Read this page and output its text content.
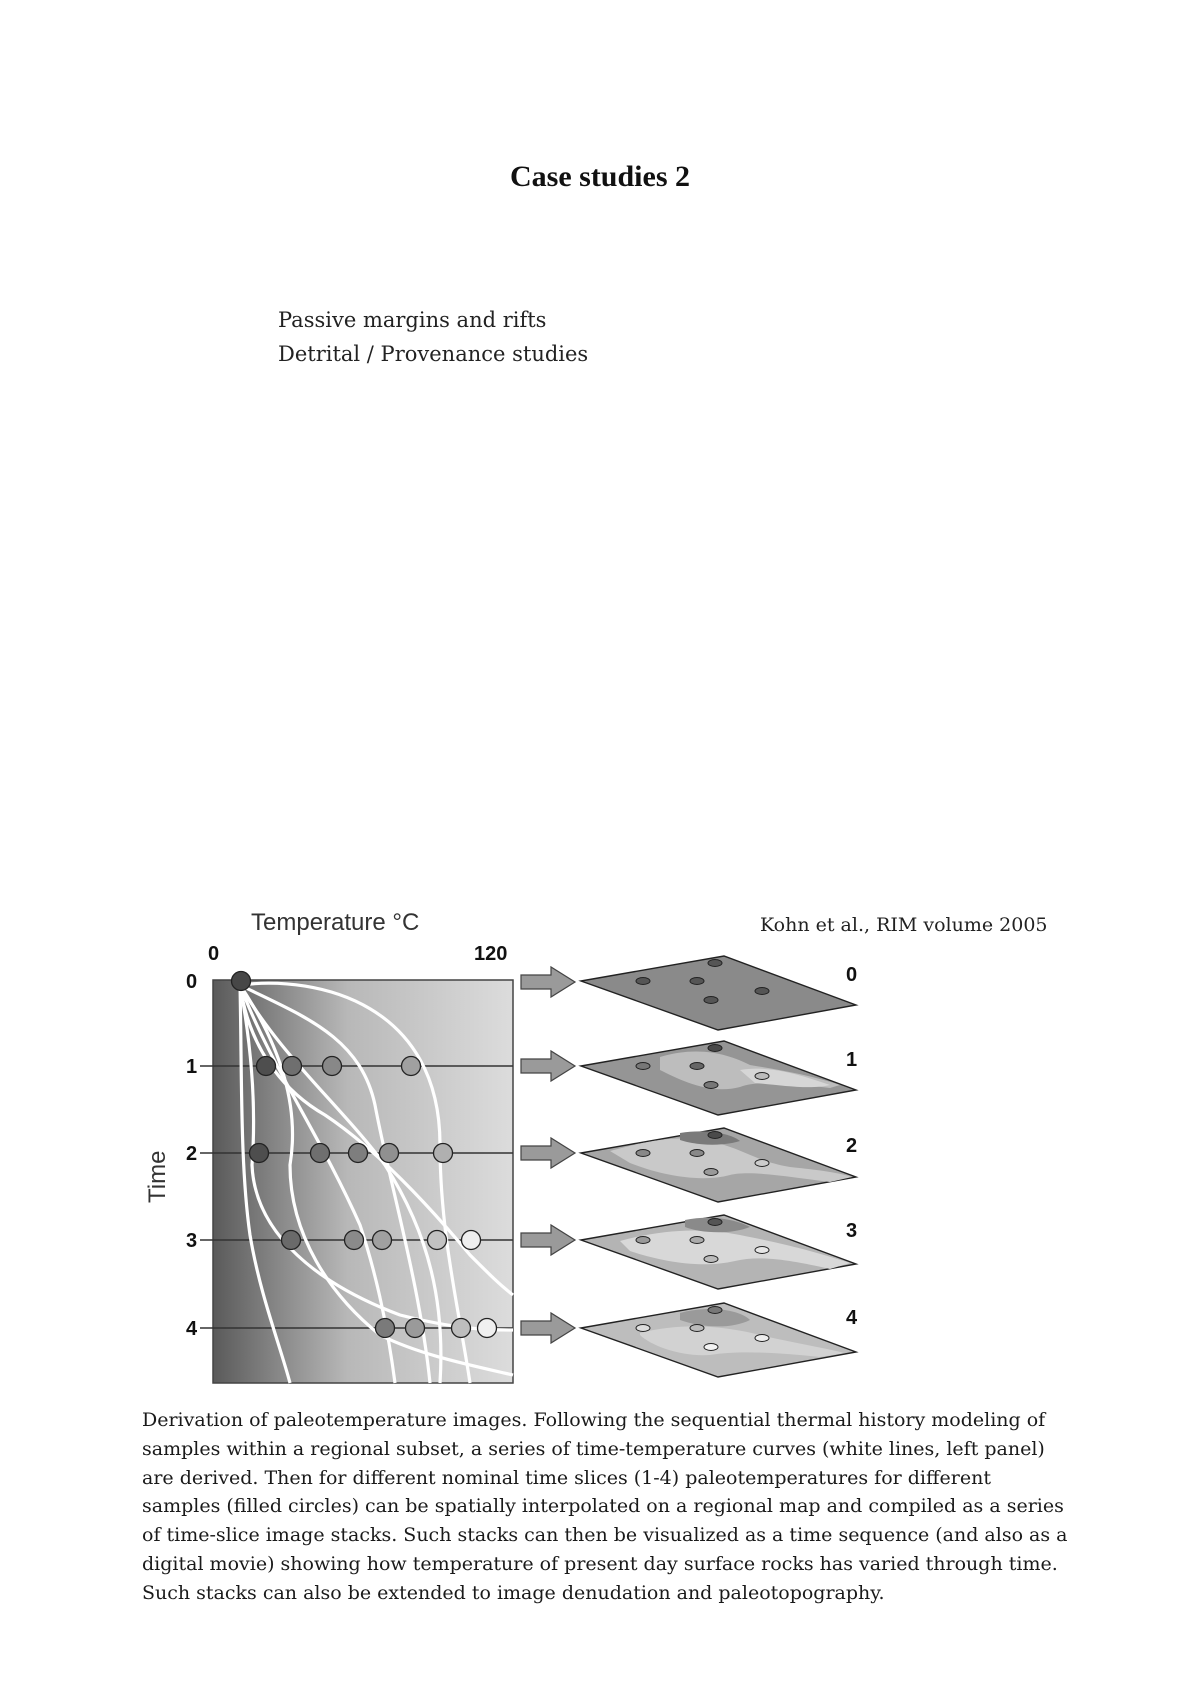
Case studies 2
Passive margins and rifts
Detrital / Provenance studies
Kohn et al., RIM volume 2005
Temperature °C
0	120
Time
0
1
2
3
4
0
1
2
3
4
Derivation of paleotemperature images. Following the sequential thermal history modeling of
samples within a regional subset, a series of time-temperature curves (white lines, left panel)
are derived. Then for different nominal time slices (1-4) paleotemperatures for different
samples (filled circles) can be spatially interpolated on a regional map and compiled as a series
of time-slice image stacks. Such stacks can then be visualized as a time sequence (and also as a
digital movie) showing how temperature of present day surface rocks has varied through time.
Such stacks can also be extended to image denudation and paleotopography.
